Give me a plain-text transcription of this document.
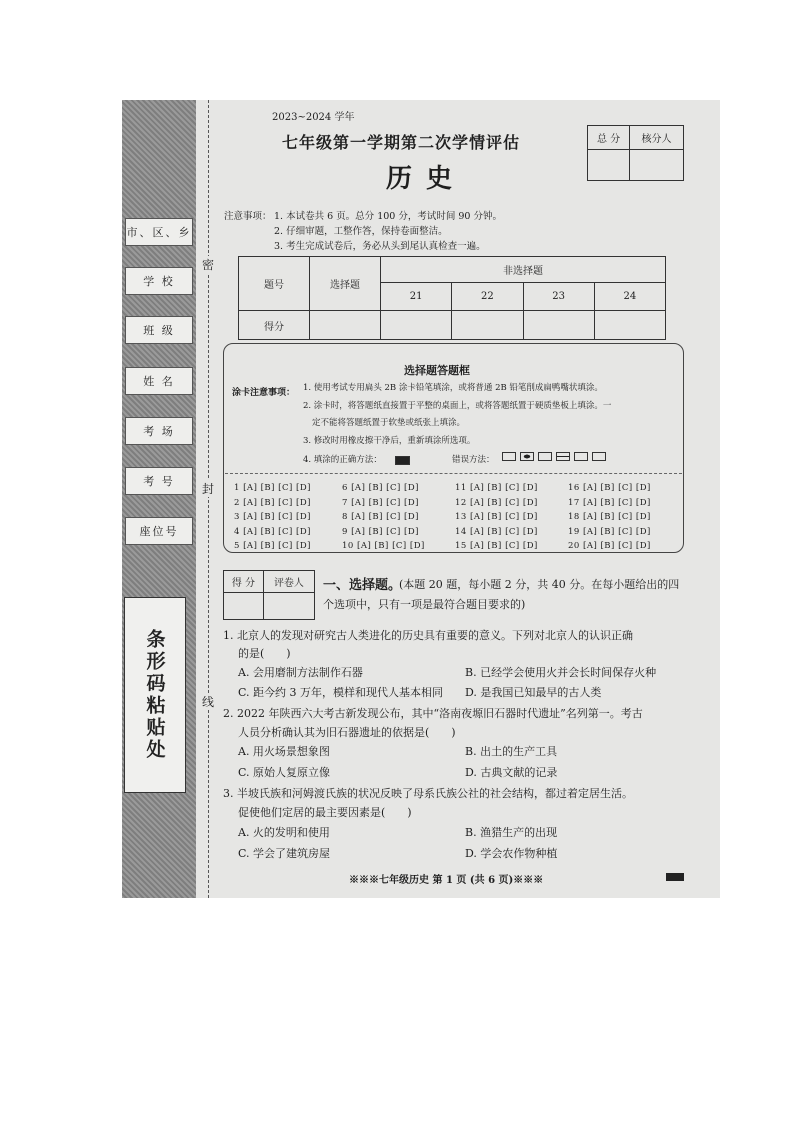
市、区、乡
学 校
班 级
姓 名
考 场
考 号
座位号
条形码粘贴处
密
封
线
2023~2024 学年
七年级第一学期第二次学情评估
历史
总 分	核分人

注意事项： 1. 本试卷共 6 页。总分 100 分，考试时间 90 分钟。
2. 仔细审题，工整作答，保持卷面整洁。
3. 考生完成试卷后，务必从头到尾认真检查一遍。
题号	选择题	非选择题			
		21	22	23	24
得分					
选择题答题框
涂卡注意事项： 1. 使用考试专用扁头 2B 涂卡铅笔填涂，或将普通 2B 铅笔削成扁鸭嘴状填涂。
2. 涂卡时，将答题纸直接置于平整的桌面上，或将答题纸置于硬质垫板上填涂。一
定不能将答题纸置于软垫或纸张上填涂。
3. 修改时用橡皮擦干净后，重新填涂所选项。
4. 填涂的正确方法：	错误方法：
1 [A] [B] [C] [D]
2 [A] [B] [C] [D]
3 [A] [B] [C] [D]
4 [A] [B] [C] [D]
5 [A] [B] [C] [D]
6 [A] [B] [C] [D]
7 [A] [B] [C] [D]
8 [A] [B] [C] [D]
9 [A] [B] [C] [D]
10 [A] [B] [C] [D]
11 [A] [B] [C] [D]
12 [A] [B] [C] [D]
13 [A] [B] [C] [D]
14 [A] [B] [C] [D]
15 [A] [B] [C] [D]
16 [A] [B] [C] [D]
17 [A] [B] [C] [D]
18 [A] [B] [C] [D]
19 [A] [B] [C] [D]
20 [A] [B] [C] [D]
得 分	评卷人
	一、选择题。
(本题 20 题，每小题 2 分，共 40 分。在每小题给出的四
个选项中，只有一项是最符合题目要求的)
1. 北京人的发现对研究古人类进化的历史具有重要的意义。下列对北京人的认识正确
的是(　　)
A. 会用磨制方法制作石器	B. 已经学会使用火并会长时间保存火种
C. 距今约 3 万年，模样和现代人基本相同 D. 是我国已知最早的古人类
2. 2022 年陕西六大考古新发现公布，其中“洛南夜塬旧石器时代遗址”名列第一。考古
人员分析确认其为旧石器遗址的依据是(　　)
A. 用火场景想象图	B. 出土的生产工具
C. 原始人复原立像	D. 古典文献的记录
3. 半坡氏族和河姆渡氏族的状况反映了母系氏族公社的社会结构，都过着定居生活。
促使他们定居的最主要因素是(　　)
A. 火的发明和使用	B. 渔猎生产的出现
C. 学会了建筑房屋	D. 学会农作物种植
※※※七年级历史 第 1 页 (共 6 页)※※※
